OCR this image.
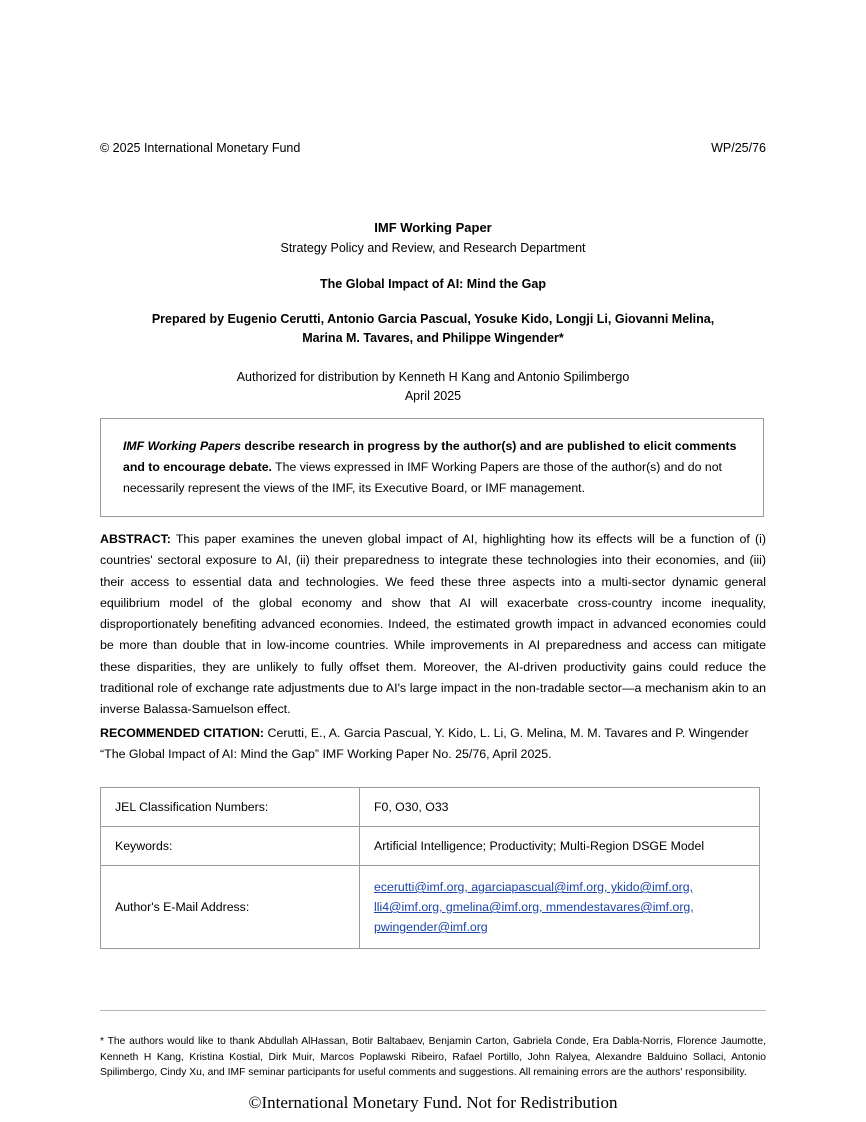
© 2025 International Monetary Fund	WP/25/76
IMF Working Paper
Strategy Policy and Review, and Research Department
The Global Impact of AI: Mind the Gap
Prepared by Eugenio Cerutti, Antonio Garcia Pascual, Yosuke Kido, Longji Li, Giovanni Melina,
Marina M. Tavares, and Philippe Wingender*
Authorized for distribution by Kenneth H Kang and Antonio Spilimbergo
April 2025
IMF Working Papers describe research in progress by the author(s) and are published to elicit comments and to encourage debate. The views expressed in IMF Working Papers are those of the author(s) and do not necessarily represent the views of the IMF, its Executive Board, or IMF management.
ABSTRACT: This paper examines the uneven global impact of AI, highlighting how its effects will be a function of (i) countries' sectoral exposure to AI, (ii) their preparedness to integrate these technologies into their economies, and (iii) their access to essential data and technologies. We feed these three aspects into a multi-sector dynamic general equilibrium model of the global economy and show that AI will exacerbate cross-country income inequality, disproportionately benefiting advanced economies. Indeed, the estimated growth impact in advanced economies could be more than double that in low-income countries. While improvements in AI preparedness and access can mitigate these disparities, they are unlikely to fully offset them. Moreover, the AI-driven productivity gains could reduce the traditional role of exchange rate adjustments due to AI's large impact in the non-tradable sector—a mechanism akin to an inverse Balassa-Samuelson effect.
RECOMMENDED CITATION: Cerutti, E., A. Garcia Pascual, Y. Kido, L. Li, G. Melina, M. M. Tavares and P. Wingender “The Global Impact of AI: Mind the Gap” IMF Working Paper No. 25/76, April 2025.
JEL Classification Numbers:	F0, O30, O33
Keywords:	Artificial Intelligence; Productivity; Multi-Region DSGE Model
Author's E-Mail Address:	ecerutti@imf.org, agarciapascual@imf.org, ykido@imf.org,
lli4@imf.org, gmelina@imf.org, mmendestavares@imf.org,
pwingender@imf.org
* The authors would like to thank Abdullah AlHassan, Botir Baltabaev, Benjamin Carton, Gabriela Conde, Era Dabla-Norris, Florence Jaumotte, Kenneth H Kang, Kristina Kostial, Dirk Muir, Marcos Poplawski Ribeiro, Rafael Portillo, John Ralyea, Alexandre Balduino Sollaci, Antonio Spilimbergo, Cindy Xu, and IMF seminar participants for useful comments and suggestions. All remaining errors are the authors' responsibility.
©International Monetary Fund. Not for Redistribution
